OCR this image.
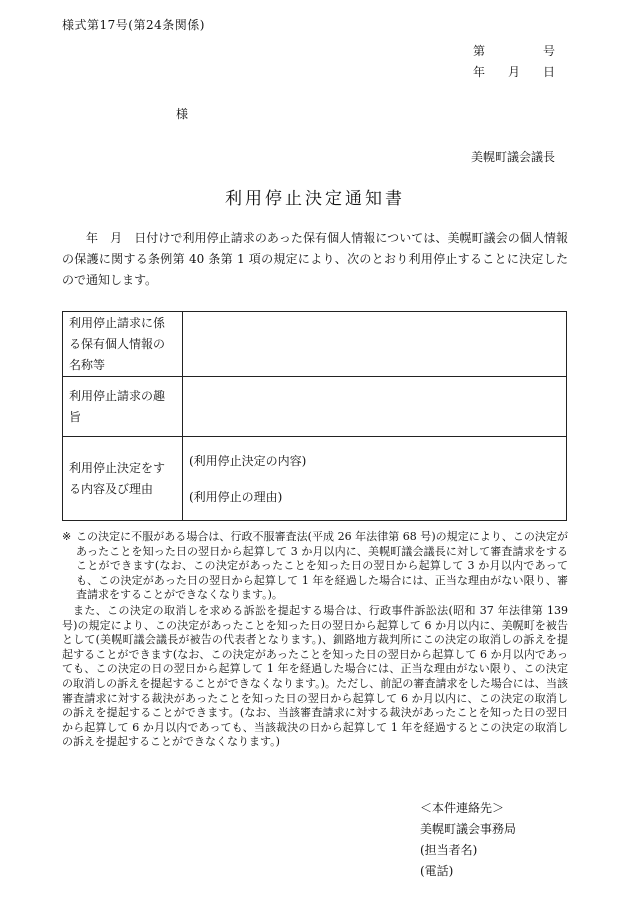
様式第17号(第24条関係)
第	号
年 月 日
様
美幌町議会議長
利用停止決定通知書
年　月　日付けで利用停止請求のあった保有個人情報については、美幌町議会の個人情報の保護に関する条例第 40 条第 1 項の規定により、次のとおり利用停止することに決定したので通知します。
利用停止請求に係る保有個人情報の名称等	
利用停止請求の趣旨	
利用停止決定をする内容及び理由	(利用停止決定の内容)
(利用停止の理由)
※ この決定に不服がある場合は、行政不服審査法(平成 26 年法律第 68 号)の規定により、この決定があったことを知った日の翌日から起算して 3 か月以内に、美幌町議会議長に対して審査請求をすることができます(なお、この決定があったことを知った日の翌日から起算して 3 か月以内であっても、この決定があった日の翌日から起算して 1 年を経過した場合には、正当な理由がない限り、審査請求をすることができなくなります。)。
また、この決定の取消しを求める訴訟を提起する場合は、行政事件訴訟法(昭和 37 年法律第 139 号)の規定により、この決定があったことを知った日の翌日から起算して 6 か月以内に、美幌町を被告として(美幌町議会議長が被告の代表者となります。)、釧路地方裁判所にこの決定の取消しの訴えを提起することができます(なお、この決定があったことを知った日の翌日から起算して 6 か月以内であっても、この決定の日の翌日から起算して 1 年を経過した場合には、正当な理由がない限り、この決定の取消しの訴えを提起することができなくなります。)。ただし、前記の審査請求をした場合には、当該審査請求に対する裁決があったことを知った日の翌日から起算して 6 か月以内に、この決定の取消しの訴えを提起することができます。(なお、当該審査請求に対する裁決があったことを知った日の翌日から起算して 6 か月以内であっても、当該裁決の日から起算して 1 年を経過するとこの決定の取消しの訴えを提起することができなくなります。)
＜本件連絡先＞
美幌町議会事務局
(担当者名)
(電話)
